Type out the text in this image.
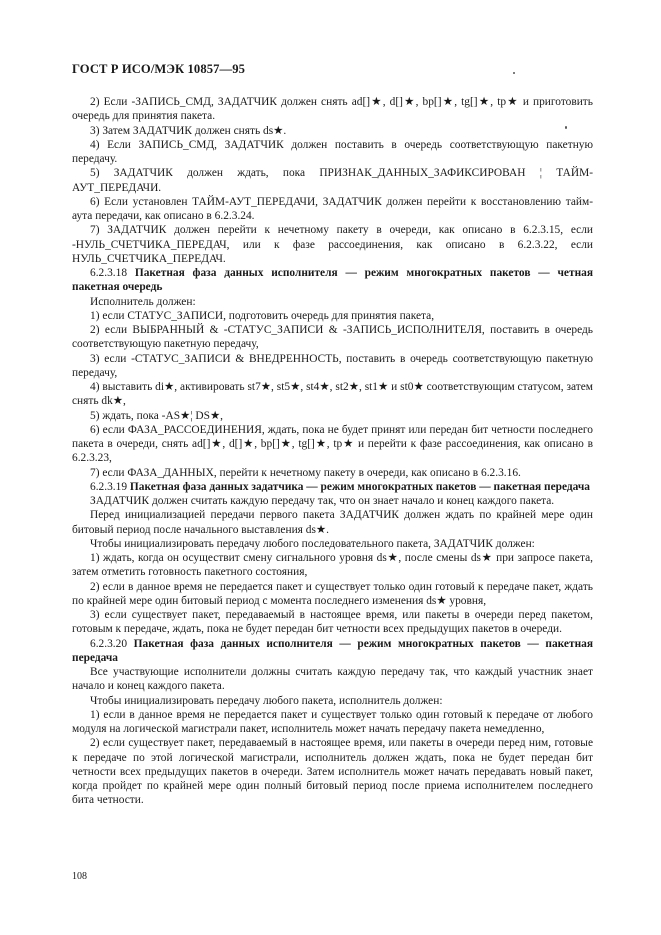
ГОСТ Р ИСО/МЭК 10857—95

2) Если -ЗАПИСЬ_СМД, ЗАДАТЧИК должен снять ad[]★, d[]★, bp[]★, tg[]★, tp★ и приготовить очередь для принятия пакета.

3) Затем ЗАДАТЧИК должен снять ds★.

4) Если ЗАПИСЬ_СМД, ЗАДАТЧИК должен поставить в очередь соответствующую пакетную передачу.

5) ЗАДАТЧИК должен ждать, пока ПРИЗНАК_ДАННЫХ_ЗАФИКСИРОВАН ¦ ТАЙМ-АУТ_ПЕРЕДАЧИ.

6) Если установлен ТАЙМ-АУТ_ПЕРЕДАЧИ, ЗАДАТЧИК должен перейти к восстановлению тайм-аута передачи, как описано в 6.2.3.24.

7) ЗАДАТЧИК должен перейти к нечетному пакету в очереди, как описано в 6.2.3.15, если -НУЛЬ_СЧЕТЧИКА_ПЕРЕДАЧ, или к фазе рассоединения, как описано в 6.2.3.22, если НУЛЬ_СЧЕТЧИКА_ПЕРЕДАЧ.

6.2.3.18 Пакетная фаза данных исполнителя — режим многократных пакетов — четная пакетная очередь

Исполнитель должен:

1) если СТАТУС_ЗАПИСИ, подготовить очередь для принятия пакета,

2) если ВЫБРАННЫЙ & -СТАТУС_ЗАПИСИ & -ЗАПИСЬ_ИСПОЛНИТЕЛЯ, поставить в очередь соответствующую пакетную передачу,

3) если -СТАТУС_ЗАПИСИ & ВНЕДРЕННОСТЬ, поставить в очередь соответствующую пакетную передачу,

4) выставить di★, активировать st7★, st5★, st4★, st2★, st1★ и st0★ соответствующим статусом, затем снять dk★,

5) ждать, пока -AS★¦ DS★,

6) если ФАЗА_РАССОЕДИНЕНИЯ, ждать, пока не будет принят или передан бит четности последнего пакета в очереди, снять ad[]★, d[]★, bp[]★, tg[]★, tp★ и перейти к фазе рассоединения, как описано в 6.2.3.23,

7) если ФАЗА_ДАННЫХ, перейти к нечетному пакету в очереди, как описано в 6.2.3.16.

6.2.3.19 Пакетная фаза данных задатчика — режим многократных пакетов — пакетная передача

ЗАДАТЧИК должен считать каждую передачу так, что он знает начало и конец каждого пакета.

Перед инициализацией передачи первого пакета ЗАДАТЧИК должен ждать по крайней мере один битовый период после начального выставления ds★.

Чтобы инициализировать передачу любого последовательного пакета, ЗАДАТЧИК должен:

1) ждать, когда он осуществит смену сигнального уровня ds★, после смены ds★ при запросе пакета, затем отметить готовность пакетного состояния,

2) если в данное время не передается пакет и существует только один готовый к передаче пакет, ждать по крайней мере один битовый период с момента последнего изменения ds★ уровня,

3) если существует пакет, передаваемый в настоящее время, или пакеты в очереди перед пакетом, готовым к передаче, ждать, пока не будет передан бит четности всех предыдущих пакетов в очереди.

6.2.3.20 Пакетная фаза данных исполнителя — режим многократных пакетов — пакетная передача

Все участвующие исполнители должны считать каждую передачу так, что каждый участник знает начало и конец каждого пакета.

Чтобы инициализировать передачу любого пакета, исполнитель должен:

1) если в данное время не передается пакет и существует только один готовый к передаче от любого модуля на логической магистрали пакет, исполнитель может начать передачу пакета немедленно,

2) если существует пакет, передаваемый в настоящее время, или пакеты в очереди перед ним, готовые к передаче по этой логической магистрали, исполнитель должен ждать, пока не будет передан бит четности всех предыдущих пакетов в очереди. Затем исполнитель может начать передавать новый пакет, когда пройдет по крайней мере один полный битовый период после приема исполнителем последнего бита четности.

108
